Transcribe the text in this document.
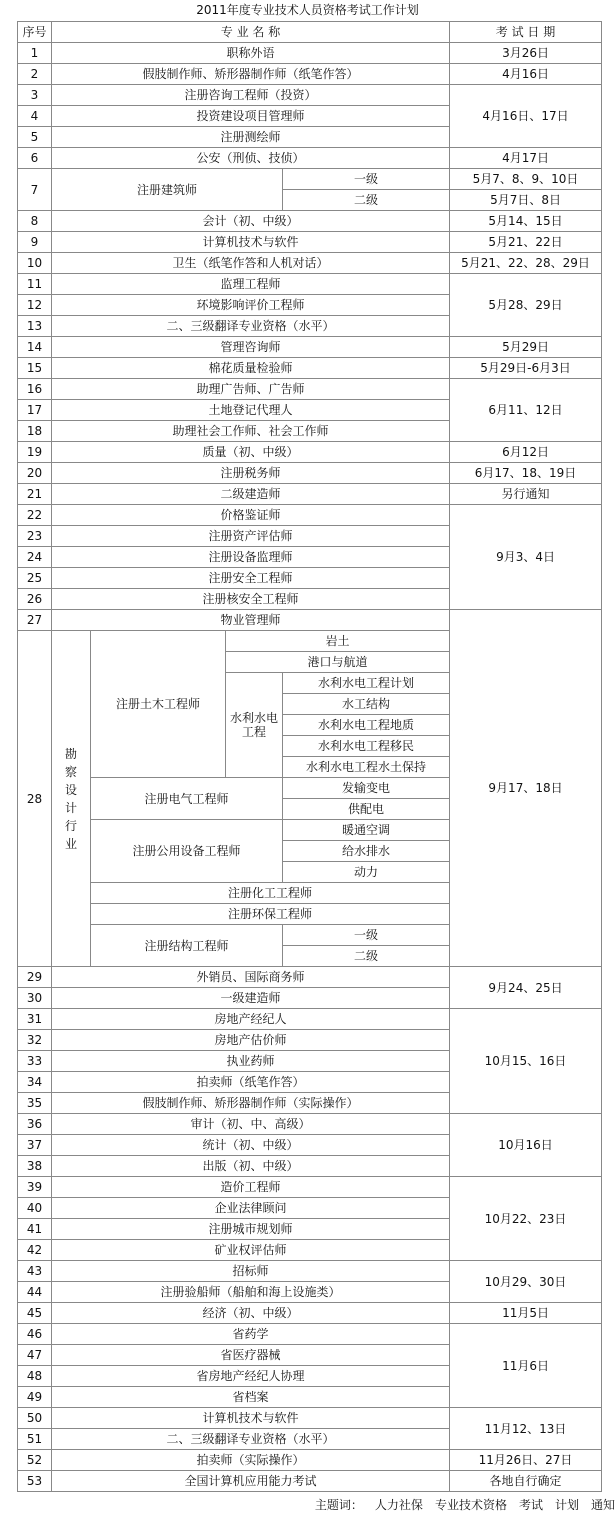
2011年度专业技术人员资格考试工作计划
序号	专 业 名 称				考 试 日 期	
1	职称外语				3月26日	
2	假肢制作师、矫形器制作师（纸笔作答）				4月16日	
3	注册咨询工程师（投资）				4月16日、17日	
4	投资建设项目管理师					
5	注册测绘师					
6	公安（刑侦、技侦）				4月17日	
7	注册建筑师			一级	5月7、8、9、10日	
				二级	5月7日、8日	
8	会计（初、中级）				5月14、15日	
9	计算机技术与软件				5月21、22日	
10	卫生（纸笔作答和人机对话）				5月21、22、28、29日	
11	监理工程师				5月28、29日	
12	环境影响评价工程师					
13	二、三级翻译专业资格（水平）					
14	管理咨询师				5月29日	
15	棉花质量检验师				5月29日-6月3日	
16	助理广告师、广告师				6月11、12日	
17	土地登记代理人					
18	助理社会工作师、社会工作师					
19	质量（初、中级）				6月12日	
20	注册税务师				6月17、18、19日	
21	二级建造师				另行通知	
22	价格鉴证师				9月3、4日	
23	注册资产评估师					
24	注册设备监理师					
25	注册安全工程师					
26	注册核安全工程师					
27	物业管理师				9月17、18日	
28	勘察设计行业	注册土木工程师	岩土			
			港口与航道			
			水利水电工程	水利水电工程计划		
				水工结构		
				水利水电工程地质		
				水利水电工程移民		
				水利水电工程水土保持		
		注册电气工程师		发输变电		
				供配电		
		注册公用设备工程师		暖通空调		
				给水排水		
				动力		
		注册化工工程师				
		注册环保工程师				
		注册结构工程师		一级		
				二级	
29	外销员、国际商务师				9月24、25日	
30	一级建造师					
31	房地产经纪人				10月15、16日	
32	房地产估价师					
33	执业药师					
34	拍卖师（纸笔作答）					
35	假肢制作师、矫形器制作师（实际操作）					
36	审计（初、中、高级）				10月16日	
37	统计（初、中级）					
38	出版（初、中级）					
39	造价工程师				10月22、23日	
40	企业法律顾问					
41	注册城市规划师					
42	矿业权评估师					
43	招标师				10月29、30日	
44	注册验船师（船舶和海上设施类）					
45	经济（初、中级）				11月5日	
46	省药学				11月6日	
47	省医疗器械					
48	省房地产经纪人协理					
49	省档案					
50	计算机技术与软件				11月12、13日	
51	二、三级翻译专业资格（水平）					
52	拍卖师（实际操作）				11月26日、27日	
53	全国计算机应用能力考试				各地自行确定	
主题词： 人力社保 专业技术资格 考试 计划 通知
